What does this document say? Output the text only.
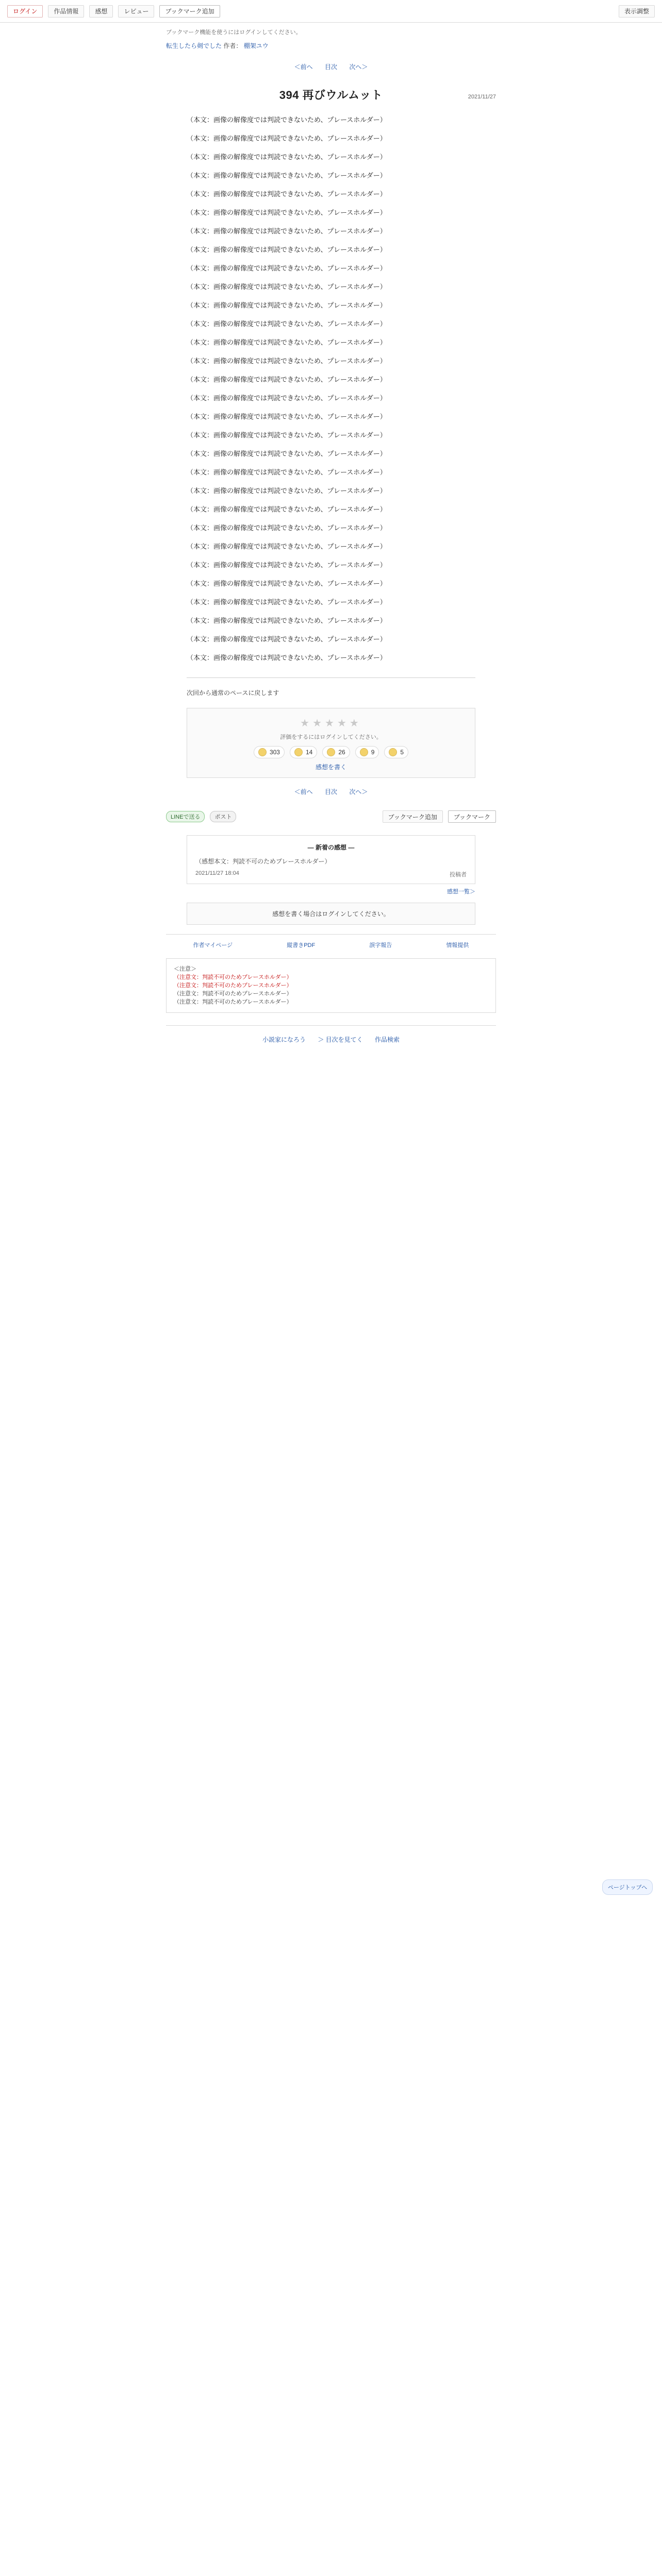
ログイン	作品情報	感想	レビュー	ブックマーク追加	表示調整
ブックマーク機能を使うにはログインしてください。
転生したら剣でした 作者： 棚架ユウ
＜前へ 目次 次へ＞
2021/11/27
394 再びウルムット

（本文：画像の解像度では判読できないため、プレースホルダー）

（本文：画像の解像度では判読できないため、プレースホルダー）

（本文：画像の解像度では判読できないため、プレースホルダー）

（本文：画像の解像度では判読できないため、プレースホルダー）

（本文：画像の解像度では判読できないため、プレースホルダー）

（本文：画像の解像度では判読できないため、プレースホルダー）

（本文：画像の解像度では判読できないため、プレースホルダー）

（本文：画像の解像度では判読できないため、プレースホルダー）

（本文：画像の解像度では判読できないため、プレースホルダー）

（本文：画像の解像度では判読できないため、プレースホルダー）

（本文：画像の解像度では判読できないため、プレースホルダー）

（本文：画像の解像度では判読できないため、プレースホルダー）

（本文：画像の解像度では判読できないため、プレースホルダー）

（本文：画像の解像度では判読できないため、プレースホルダー）

（本文：画像の解像度では判読できないため、プレースホルダー）

（本文：画像の解像度では判読できないため、プレースホルダー）

（本文：画像の解像度では判読できないため、プレースホルダー）

（本文：画像の解像度では判読できないため、プレースホルダー）

（本文：画像の解像度では判読できないため、プレースホルダー）

（本文：画像の解像度では判読できないため、プレースホルダー）

（本文：画像の解像度では判読できないため、プレースホルダー）

（本文：画像の解像度では判読できないため、プレースホルダー）

（本文：画像の解像度では判読できないため、プレースホルダー）

（本文：画像の解像度では判読できないため、プレースホルダー）

（本文：画像の解像度では判読できないため、プレースホルダー）

（本文：画像の解像度では判読できないため、プレースホルダー）

（本文：画像の解像度では判読できないため、プレースホルダー）

（本文：画像の解像度では判読できないため、プレースホルダー）

（本文：画像の解像度では判読できないため、プレースホルダー）

（本文：画像の解像度では判読できないため、プレースホルダー）

次回から通常のペースに戻します
★★★★★
評価をするにはログインしてください。
303	14	26	9	5
感想を書く
＜前へ 目次 次へ＞
LINEで送る	ポスト	ブックマーク追加	ブックマーク
― 新着の感想 ―
（感想本文：判読不可のためプレースホルダー）
2021/11/27 18:04	投稿者
感想一覧＞
感想を書く場合はログインしてください。
作者マイページ	縦書きPDF	誤字報告	情報提供
＜注意＞
（注意文：判読不可のためプレースホルダー）
（注意文：判読不可のためプレースホルダー）
（注意文：判読不可のためプレースホルダー）
（注意文：判読不可のためプレースホルダー）
小説家になろう ＞ 目次を見てく 作品検索
ページトップへ
